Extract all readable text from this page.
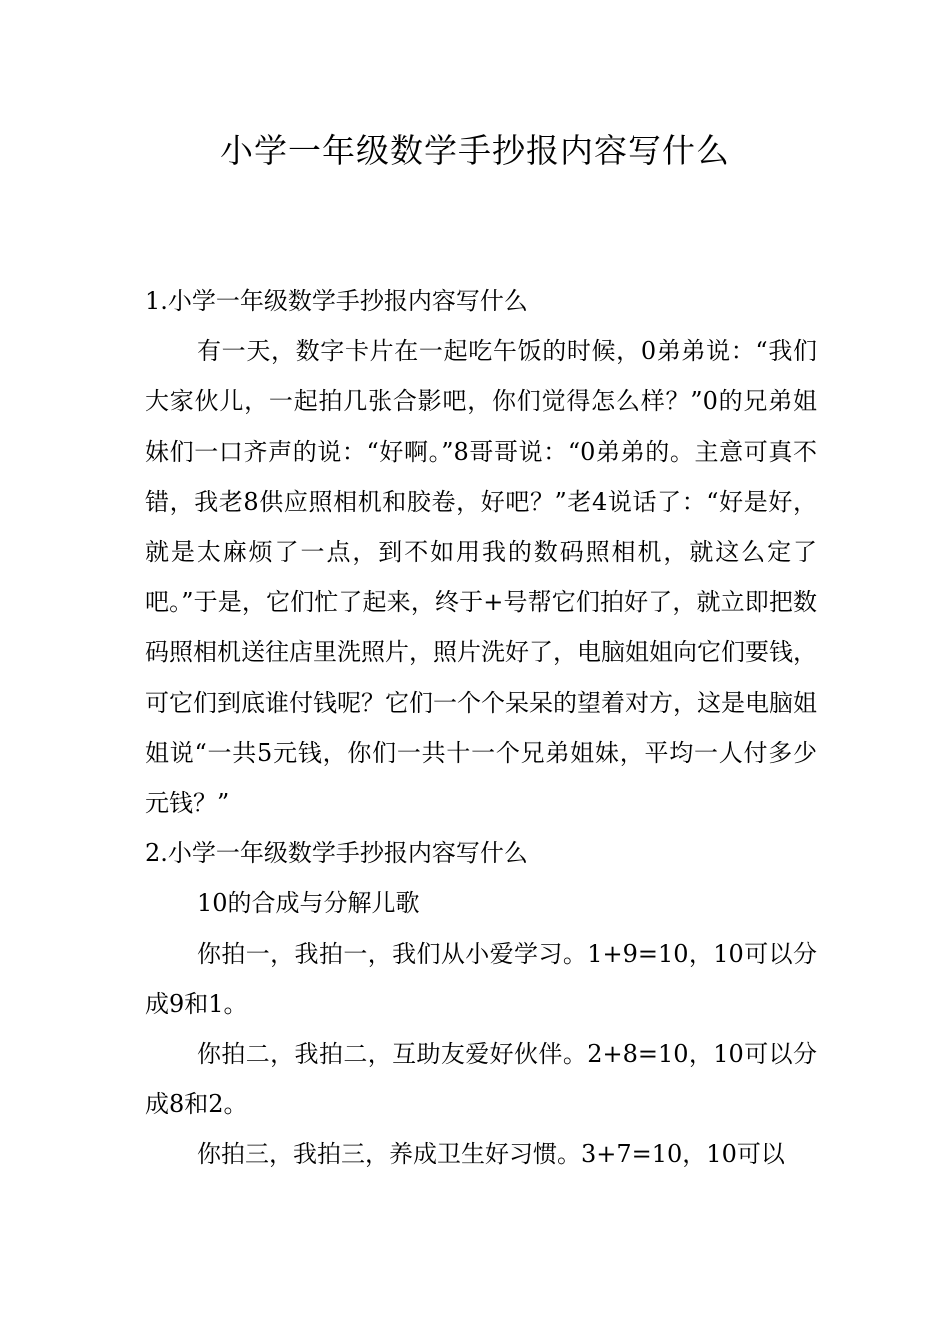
小学一年级数学手抄报内容写什么

1.小学一年级数学手抄报内容写什么

有一天，数字卡片在一起吃午饭的时候，0弟弟说：“我们大家伙儿，一起拍几张合影吧，你们觉得怎么样？”0的兄弟姐妹们一口齐声的说：“好啊。”8哥哥说：“0弟弟的。主意可真不错，我老8供应照相机和胶卷，好吧？”老4说话了：“好是好，就是太麻烦了一点，到不如用我的数码照相机，就这么定了吧。”于是，它们忙了起来，终于+号帮它们拍好了，就立即把数码照相机送往店里洗照片，照片洗好了，电脑姐姐向它们要钱，可它们到底谁付钱呢？它们一个个呆呆的望着对方，这是电脑姐姐说“一共5元钱，你们一共十一个兄弟姐妹，平均一人付多少元钱？”

2.小学一年级数学手抄报内容写什么

10的合成与分解儿歌

你拍一，我拍一，我们从小爱学习。1+9=10，10可以分成9和1。

你拍二，我拍二，互助友爱好伙伴。2+8=10，10可以分成8和2。

你拍三，我拍三，养成卫生好习惯。3+7=10，10可以
